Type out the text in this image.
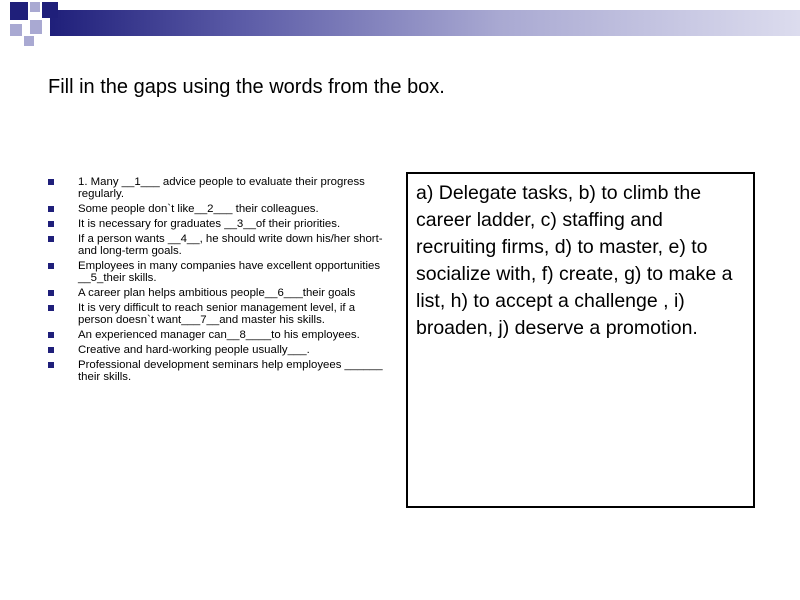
Fill in the gaps using the words from the box.
1. Many __1___ advice people to evaluate their progress regularly.
Some people don`t like__2___ their colleagues.
It is necessary for graduates __3__of their priorities.
If a person wants __4__, he should write down his/her short-and long-term goals.
Employees in many companies have excellent opportunities __5_their skills.
A career plan helps ambitious people__6___their goals
It is very difficult to reach senior management level, if a person doesn`t want___7__and master his skills.
An experienced manager can__8____to his employees.
Creative and hard-working people usually___.
Professional development seminars help employees ______ their skills.

a) Delegate tasks, b) to climb the career ladder, c) staffing and recruiting firms, d) to master, e) to socialize with, f) create, g) to make a list, h) to accept a challenge , i) broaden, j) deserve a promotion.
